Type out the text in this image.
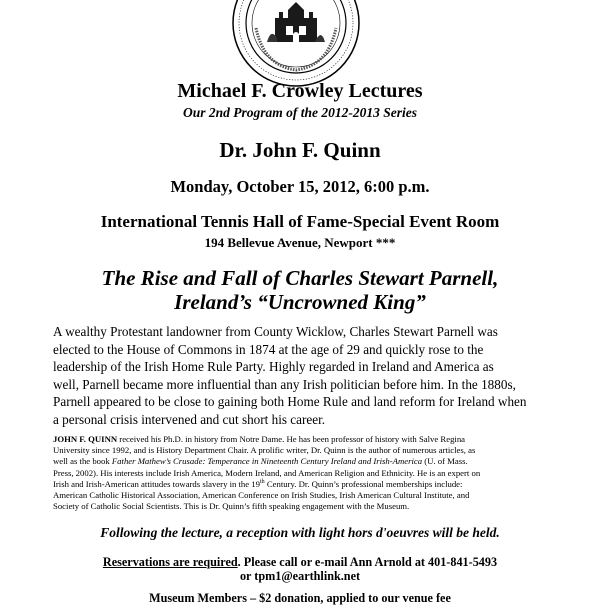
Michael F. Crowley Lectures
Our 2nd Program of the 2012-2013 Series
Dr. John F. Quinn
Monday, October 15, 2012, 6:00 p.m.
International Tennis Hall of Fame-Special Event Room
194 Bellevue Avenue, Newport ***
The Rise and Fall of Charles Stewart Parnell,
Ireland’s “Uncrowned King”
A wealthy Protestant landowner from County Wicklow, Charles Stewart Parnell was
elected to the House of Commons in 1874 at the age of 29 and quickly rose to the
leadership of the Irish Home Rule Party. Highly regarded in Ireland and America as
well, Parnell became more influential than any Irish politician before him. In the 1880s,
Parnell appeared to be close to gaining both Home Rule and land reform for Ireland when
a personal crisis intervened and cut short his career.
JOHN F. QUINN received his Ph.D. in history from Notre Dame. He has been professor of history with Salve Regina
University since 1992, and is History Department Chair. A prolific writer, Dr. Quinn is the author of numerous articles, as
well as the book Father Mathew’s Crusade: Temperance in Nineteenth Century Ireland and Irish-America (U. of Mass.
Press, 2002). His interests include Irish America, Modern Ireland, and American Religion and Ethnicity. He is an expert on
Irish and Irish-American attitudes towards slavery in the 19th Century. Dr. Quinn’s professional memberships include:
American Catholic Historical Association, American Conference on Irish Studies, Irish American Cultural Institute, and
Society of Catholic Social Scientists. This is Dr. Quinn’s fifth speaking engagement with the Museum.
Following the lecture, a reception with light hors d'oeuvres will be held.
Reservations are required. Please call or e-mail Ann Arnold at 401-841-5493
or tpm1@earthlink.net
Museum Members – $2 donation, applied to our venue fee
